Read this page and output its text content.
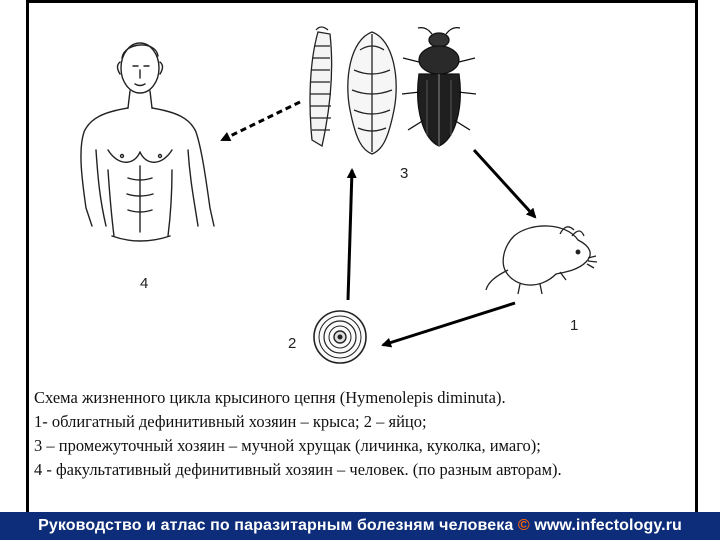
3
1
2
4
Схема жизненного цикла крысиного цепня (Hymenolepis diminuta).
1- облигатный дефинитивный хозяин – крыса; 2 – яйцо;
3 – промежуточный хозяин – мучной хрущак (личинка, куколка, имаго);
4 - факультативный дефинитивный хозяин – человек. (по разным авторам).
Руководство и атлас по паразитарным болезням человека © www.infectology.ru
